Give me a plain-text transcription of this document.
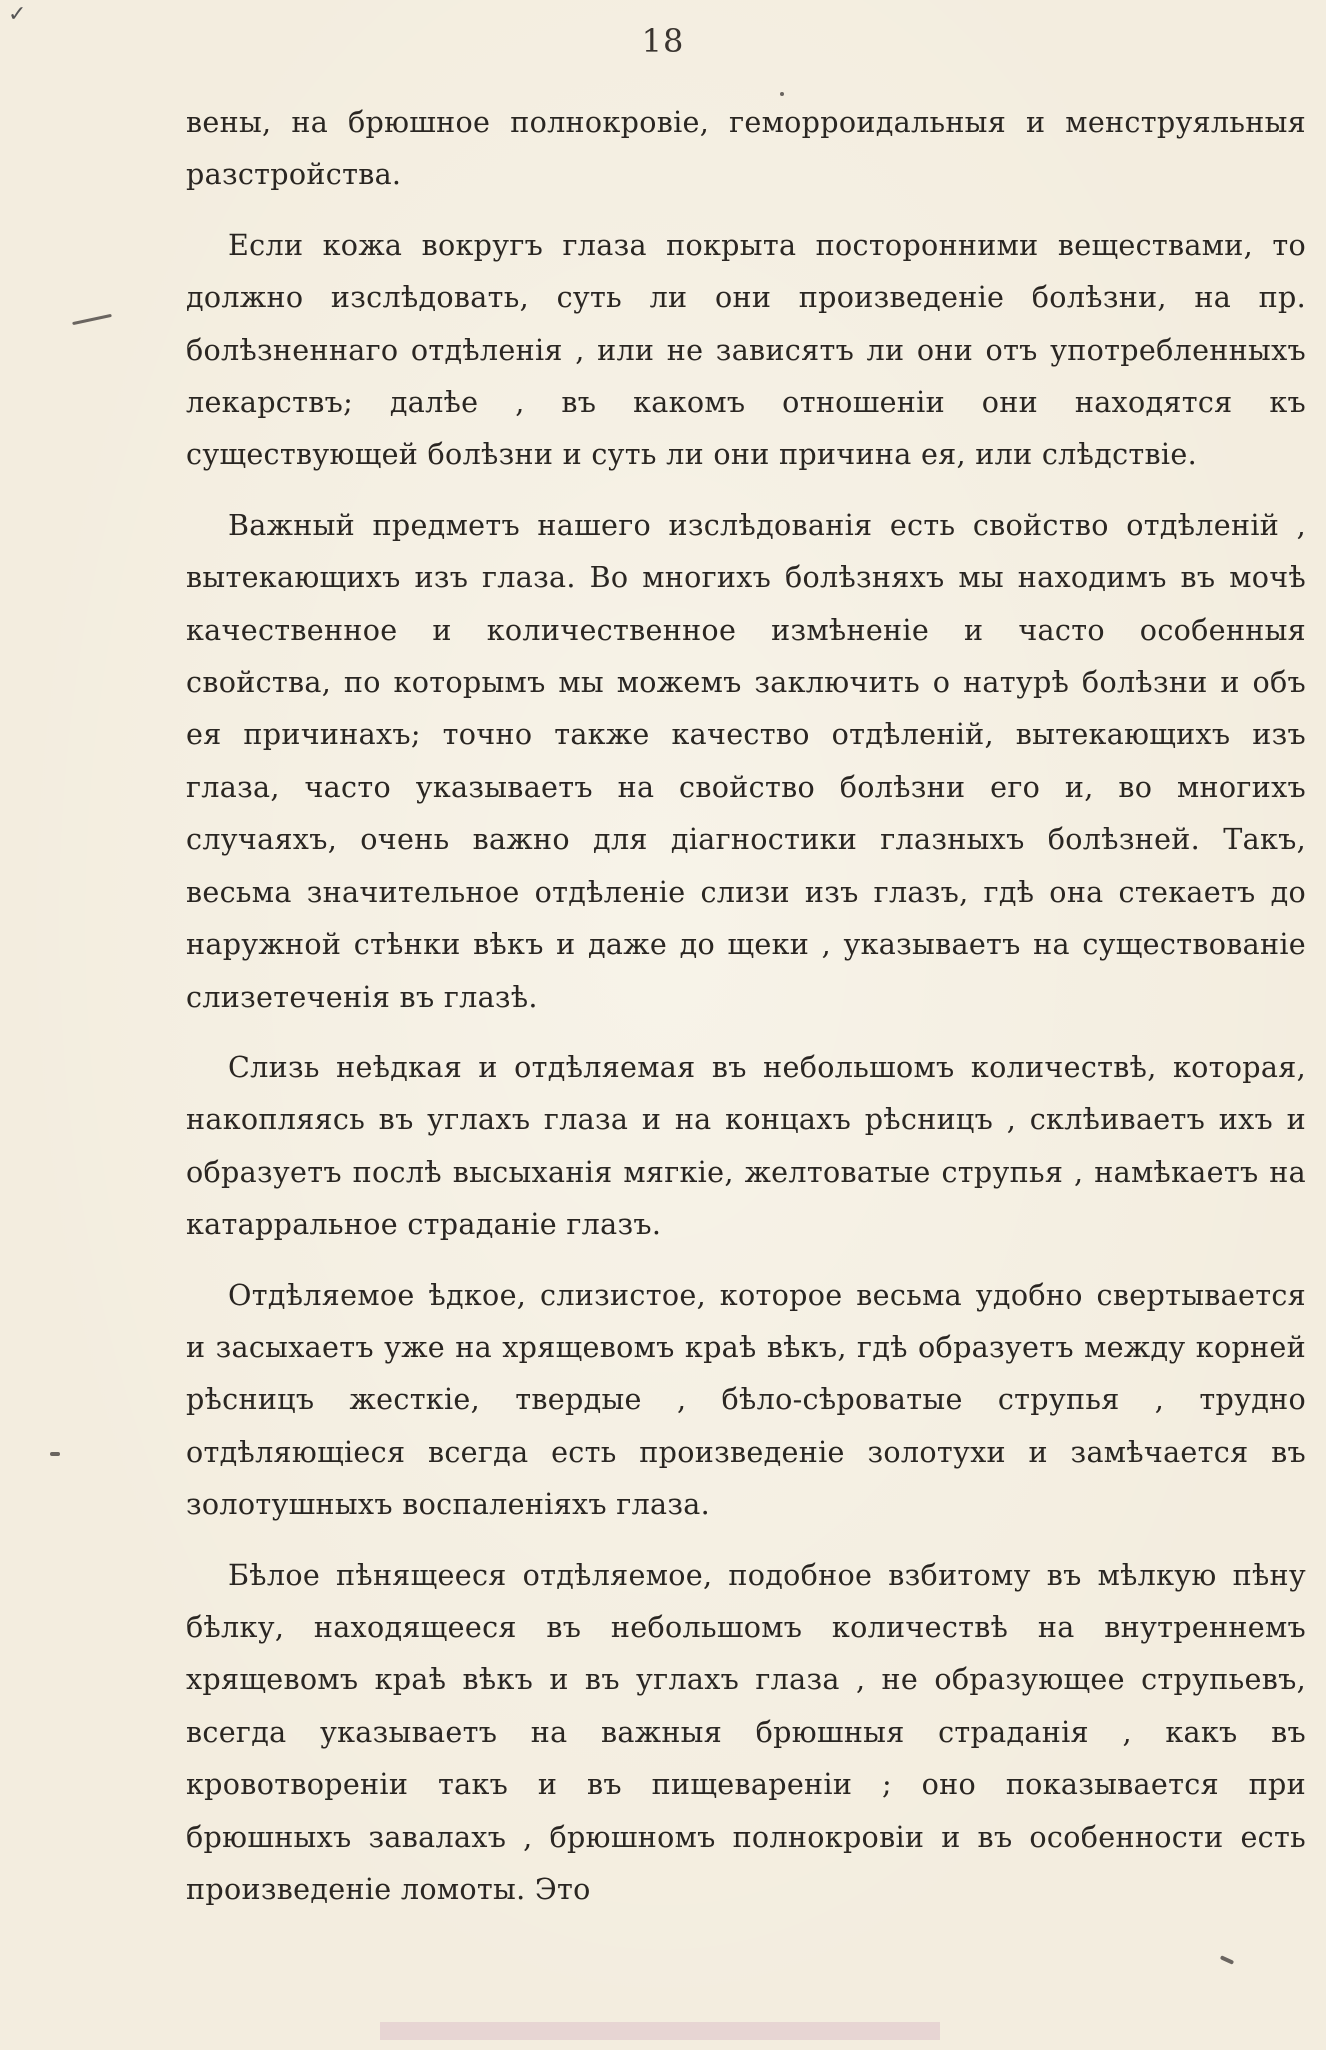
✓
18

вены, на брюшное полнокровіе, геморроидальныя и менструяльныя разстройства.

Если кожа вокругъ глаза покрыта посторонними веществами, то должно изслѣдовать, суть ли они произведеніе болѣзни, на пр. болѣзненнаго отдѣленія , или не зависятъ ли они отъ употребленныхъ лекарствъ; далѣе , въ какомъ отношеніи они находятся къ существующей болѣзни и суть ли они причина ея, или слѣдствіе.

Важный предметъ нашего изслѣдованія есть свойство отдѣленій , вытекающихъ изъ глаза. Во многихъ болѣзняхъ мы находимъ въ мочѣ качественное и количественное измѣненіе и часто особенныя свойства, по которымъ мы можемъ заключить о натурѣ болѣзни и объ ея причинахъ; точно также качество отдѣленій, вытекающихъ изъ глаза, часто указываетъ на свойство болѣзни его и, во многихъ случаяхъ, очень важно для діагностики глазныхъ болѣзней. Такъ, весьма значительное отдѣленіе слизи изъ глазъ, гдѣ она стекаетъ до наружной стѣнки вѣкъ и даже до щеки , указываетъ на существованіе слизетеченія въ глазѣ.

Слизь неѣдкая и отдѣляемая въ небольшомъ количествѣ, которая, накопляясь въ углахъ глаза и на концахъ рѣсницъ , склѣиваетъ ихъ и образуетъ послѣ высыханія мягкіе, желтоватые струпья , намѣкаетъ на катарральное страданіе глазъ.

Отдѣляемое ѣдкое, слизистое, которое весьма удобно свертывается и засыхаетъ уже на хрящевомъ краѣ вѣкъ, гдѣ образуетъ между корней рѣсницъ жесткіе, твердые , бѣло-сѣроватые струпья , трудно отдѣляющіеся всегда есть произведеніе золотухи и замѣчается въ золотушныхъ воспаленіяхъ глаза.

Бѣлое пѣнящееся отдѣляемое, подобное взбитому въ мѣлкую пѣну бѣлку, находящееся въ небольшомъ количествѣ на внутреннемъ хрящевомъ краѣ вѣкъ и въ углахъ глаза , не образующее струпьевъ, всегда указываетъ на важныя брюшныя страданія , какъ въ кровотвореніи такъ и въ пищевареніи ; оно показывается при брюшныхъ завалахъ , брюшномъ полнокровіи и въ особенности есть произведеніе ломоты. Это
